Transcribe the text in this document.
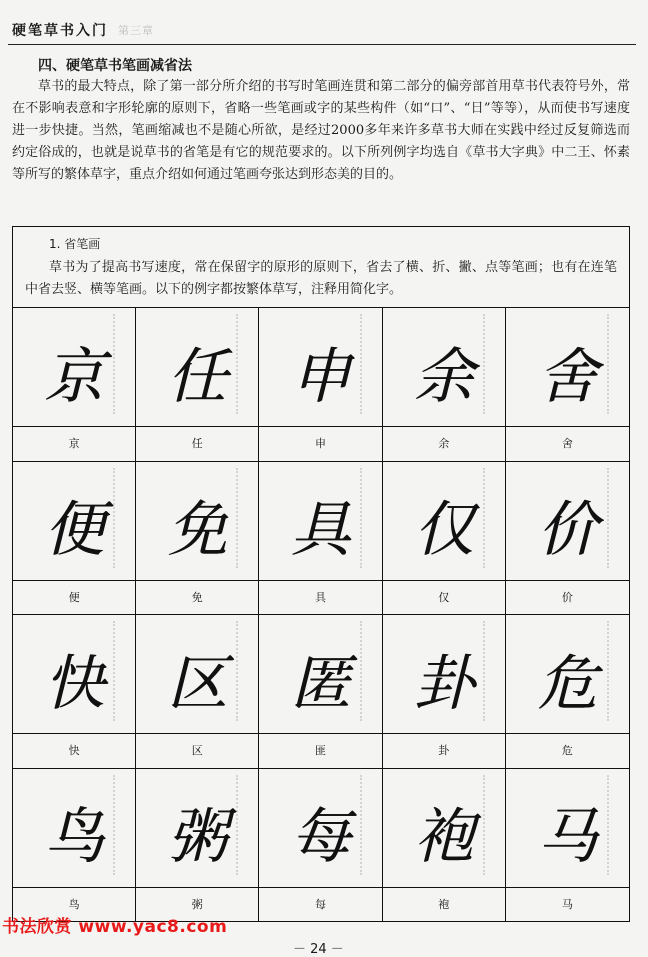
硬笔草书入门 第三章
四、硬笔草书笔画减省法

草书的最大特点，除了第一部分所介绍的书写时笔画连贯和第二部分的偏旁部首用草书代表符号外，常在不影响表意和字形轮廓的原则下，省略一些笔画或字的某些构件（如“口”、“日”等等），从而使书写速度进一步快捷。当然，笔画缩减也不是随心所欲，是经过2000多年来许多草书大师在实践中经过反复筛选而约定俗成的，也就是说草书的省笔是有它的规范要求的。以下所列例字均选自《草书大字典》中二王、怀素等所写的繁体草字，重点介绍如何通过笔画夸张达到形态美的目的。

1. 省笔画

草书为了提高书写速度，常在保留字的原形的原则下，省去了横、折、撇、点等笔画；也有在连笔中省去竖、横等笔画。以下的例字都按繁体草写，注释用简化字。

京
京
任
任
申
申
余
余
舍
舍
便
便
免
免
具
具
仅
仅
价
价
快
快
区
区
匿
匪
卦
卦
危
危
鸟
鸟
粥
粥
每
每
袍
袍
马
马
书法欣赏 www.yac8.com
－ 24 －
